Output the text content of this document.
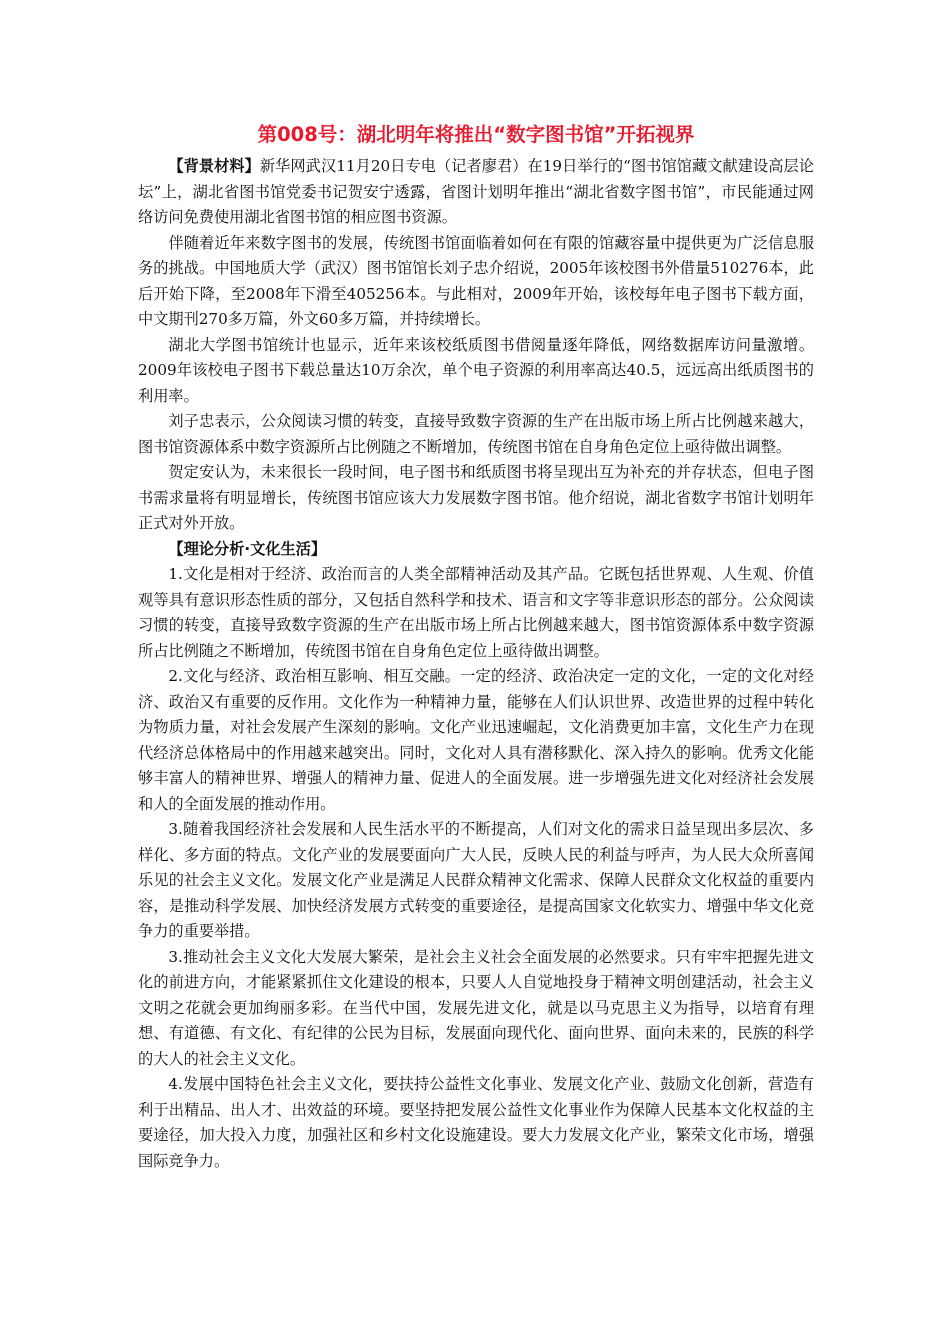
第008号：湖北明年将推出“数字图书馆”开拓视界

【背景材料】新华网武汉11月20日专电（记者廖君）在19日举行的“图书馆馆藏文献建设高层论坛”上，湖北省图书馆党委书记贺安宁透露，省图计划明年推出“湖北省数字图书馆”，市民能通过网络访问免费使用湖北省图书馆的相应图书资源。

伴随着近年来数字图书的发展，传统图书馆面临着如何在有限的馆藏容量中提供更为广泛信息服务的挑战。中国地质大学（武汉）图书馆馆长刘子忠介绍说，2005年该校图书外借量510276本，此后开始下降，至2008年下滑至405256本。与此相对，2009年开始，该校每年电子图书下载方面，中文期刊270多万篇，外文60多万篇，并持续增长。

湖北大学图书馆统计也显示，近年来该校纸质图书借阅量逐年降低，网络数据库访问量激增。2009年该校电子图书下载总量达10万余次，单个电子资源的利用率高达40.5，远远高出纸质图书的利用率。

刘子忠表示，公众阅读习惯的转变，直接导致数字资源的生产在出版市场上所占比例越来越大，图书馆资源体系中数字资源所占比例随之不断增加，传统图书馆在自身角色定位上亟待做出调整。

贺定安认为，未来很长一段时间，电子图书和纸质图书将呈现出互为补充的并存状态，但电子图书需求量将有明显增长，传统图书馆应该大力发展数字图书馆。他介绍说，湖北省数字书馆计划明年正式对外开放。

【理论分析·文化生活】

1.文化是相对于经济、政治而言的人类全部精神活动及其产品。它既包括世界观、人生观、价值观等具有意识形态性质的部分，又包括自然科学和技术、语言和文字等非意识形态的部分。公众阅读习惯的转变，直接导致数字资源的生产在出版市场上所占比例越来越大，图书馆资源体系中数字资源所占比例随之不断增加，传统图书馆在自身角色定位上亟待做出调整。

2.文化与经济、政治相互影响、相互交融。一定的经济、政治决定一定的文化，一定的文化对经济、政治又有重要的反作用。文化作为一种精神力量，能够在人们认识世界、改造世界的过程中转化为物质力量，对社会发展产生深刻的影响。文化产业迅速崛起，文化消费更加丰富，文化生产力在现代经济总体格局中的作用越来越突出。同时，文化对人具有潜移默化、深入持久的影响。优秀文化能够丰富人的精神世界、增强人的精神力量、促进人的全面发展。进一步增强先进文化对经济社会发展和人的全面发展的推动作用。

3.随着我国经济社会发展和人民生活水平的不断提高，人们对文化的需求日益呈现出多层次、多样化、多方面的特点。文化产业的发展要面向广大人民，反映人民的利益与呼声，为人民大众所喜闻乐见的社会主义文化。发展文化产业是满足人民群众精神文化需求、保障人民群众文化权益的重要内容，是推动科学发展、加快经济发展方式转变的重要途径，是提高国家文化软实力、增强中华文化竞争力的重要举措。

3.推动社会主义文化大发展大繁荣，是社会主义社会全面发展的必然要求。只有牢牢把握先进文化的前进方向，才能紧紧抓住文化建设的根本，只要人人自觉地投身于精神文明创建活动，社会主义文明之花就会更加绚丽多彩。在当代中国，发展先进文化，就是以马克思主义为指导，以培育有理想、有道德、有文化、有纪律的公民为目标，发展面向现代化、面向世界、面向未来的，民族的科学的大人的社会主义文化。

4.发展中国特色社会主义文化，要扶持公益性文化事业、发展文化产业、鼓励文化创新，营造有利于出精品、出人才、出效益的环境。要坚持把发展公益性文化事业作为保障人民基本文化权益的主要途径，加大投入力度，加强社区和乡村文化设施建设。要大力发展文化产业，繁荣文化市场，增强国际竞争力。
